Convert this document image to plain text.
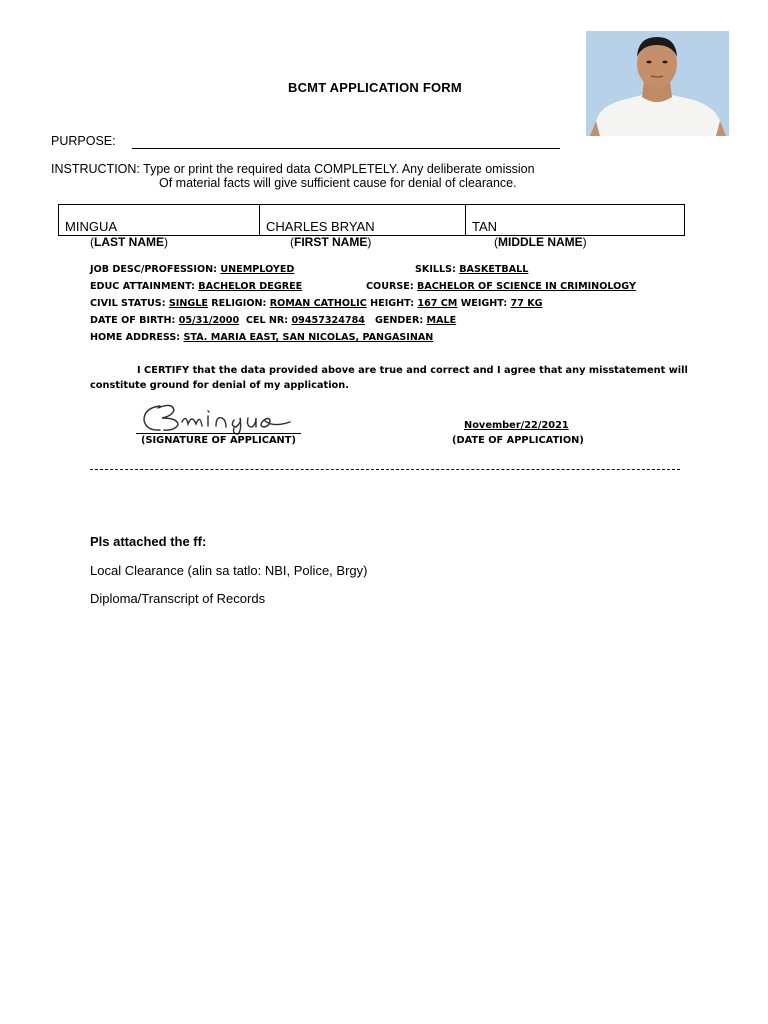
BCMT APPLICATION FORM
PURPOSE:
INSTRUCTION: Type or print the required data COMPLETELY. Any deliberate omission
Of material facts will give sufficient cause for denial of clearance.
MINGUA	CHARLES BRYAN	TAN
(LAST NAME)	(FIRST NAME)	(MIDDLE NAME)
JOB DESC/PROFESSION: UNEMPLOYED	SKILLS: BASKETBALL
EDUC ATTAINMENT: BACHELOR DEGREE	COURSE: BACHELOR OF SCIENCE IN CRIMINOLOGY
CIVIL STATUS: SINGLE RELIGION: ROMAN CATHOLIC HEIGHT: 167 CM WEIGHT: 77 KG
DATE OF BIRTH: 05/31/2000 CEL NR: 09457324784 GENDER: MALE
HOME ADDRESS: STA. MARIA EAST, SAN NICOLAS, PANGASINAN
I CERTIFY that the data provided above are true and correct and I agree that any misstatement will constitute ground for denial of my application.
(SIGNATURE OF APPLICANT)
November/22/2021
(DATE OF APPLICATION)
Pls attached the ff:
Local Clearance (alin sa tatlo: NBI, Police, Brgy)
Diploma/Transcript of Records
